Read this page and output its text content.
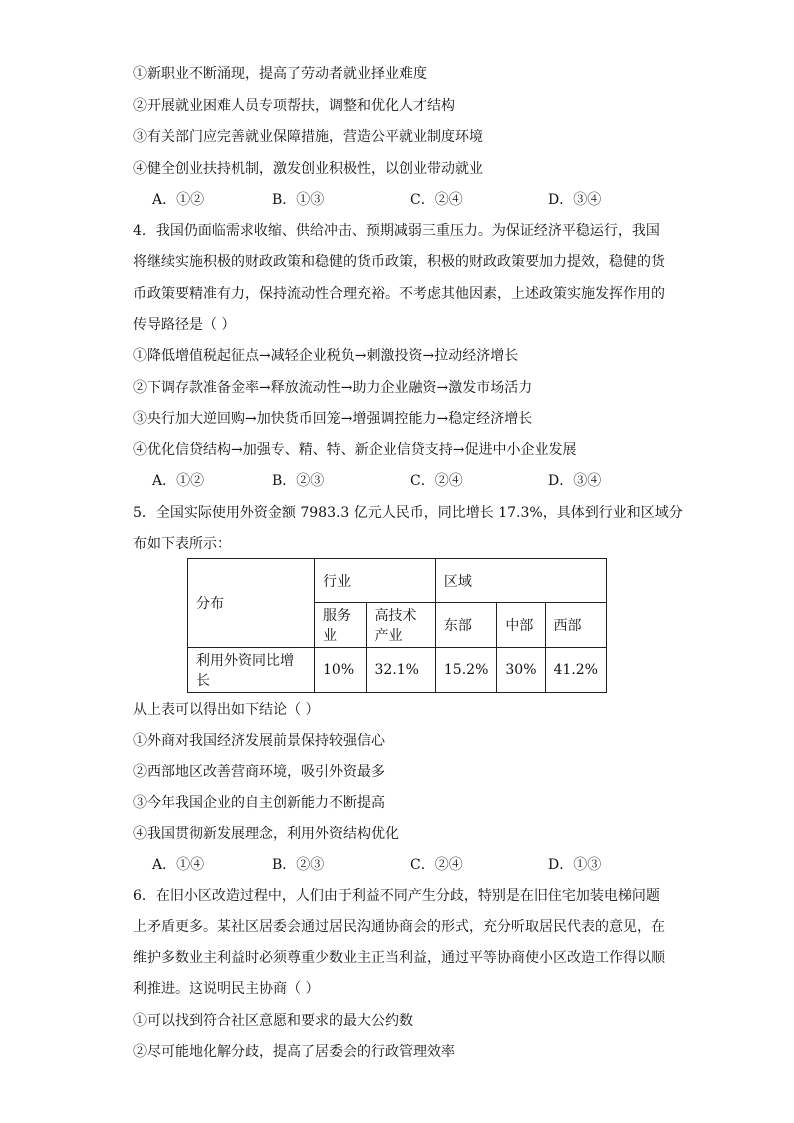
①新职业不断涌现，提高了劳动者就业择业难度
②开展就业困难人员专项帮扶，调整和优化人才结构
③有关部门应完善就业保障措施，营造公平就业制度环境
④健全创业扶持机制，激发创业积极性，以创业带动就业
A．①②	B．①③	C．②④	D．③④
4．我国仍面临需求收缩、供给冲击、预期减弱三重压力。为保证经济平稳运行，我国
将继续实施积极的财政政策和稳健的货币政策，积极的财政政策要加力提效，稳健的货
币政策要精准有力，保持流动性合理充裕。不考虑其他因素，上述政策实施发挥作用的
传导路径是（ ）
①降低增值税起征点→减轻企业税负→刺激投资→拉动经济增长
②下调存款准备金率→释放流动性→助力企业融资→激发市场活力
③央行加大逆回购→加快货币回笼→增强调控能力→稳定经济增长
④优化信贷结构→加强专、精、特、新企业信贷支持→促进中小企业发展
A．①②	B．②③	C．②④	D．③④
5．全国实际使用外资金额 7983.3 亿元人民币，同比增长 17.3%，具体到行业和区域分
布如下表所示：
分布	行业		区域		
	服务业	高技术产业	东部	中部	西部
利用外资同比增长	10%	32.1%	15.2%	30%	41.2%
从上表可以得出如下结论（ ）
①外商对我国经济发展前景保持较强信心
②西部地区改善营商环境，吸引外资最多
③今年我国企业的自主创新能力不断提高
④我国贯彻新发展理念，利用外资结构优化
A．①④	B．②③	C．②④	D．①③
6．在旧小区改造过程中，人们由于利益不同产生分歧，特别是在旧住宅加装电梯问题
上矛盾更多。某社区居委会通过居民沟通协商会的形式，充分听取居民代表的意见，在
维护多数业主利益时必须尊重少数业主正当利益，通过平等协商使小区改造工作得以顺
利推进。这说明民主协商（ ）
①可以找到符合社区意愿和要求的最大公约数
②尽可能地化解分歧，提高了居委会的行政管理效率
